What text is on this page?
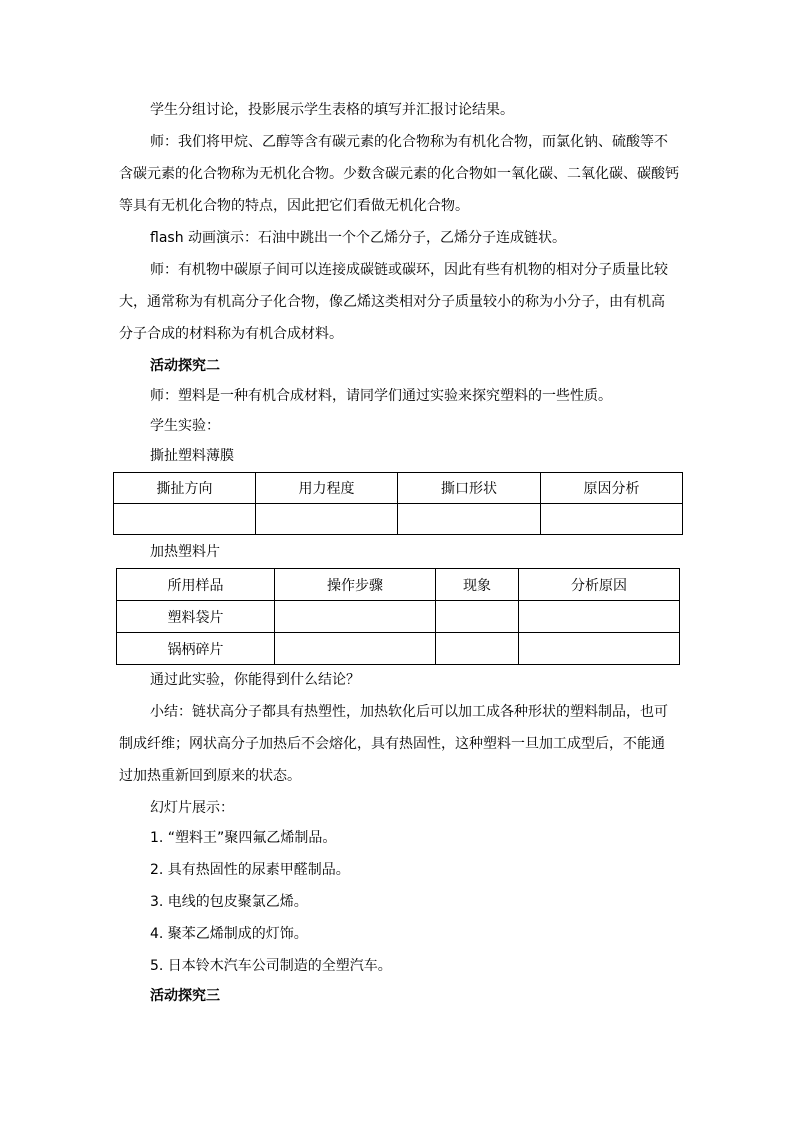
学生分组讨论，投影展示学生表格的填写并汇报讨论结果。
师：我们将甲烷、乙醇等含有碳元素的化合物称为有机化合物，而氯化钠、硫酸等不
含碳元素的化合物称为无机化合物。少数含碳元素的化合物如一氧化碳、二氧化碳、碳酸钙
等具有无机化合物的特点，因此把它们看做无机化合物。
flash 动画演示：石油中跳出一个个乙烯分子，乙烯分子连成链状。
师：有机物中碳原子间可以连接成碳链或碳环，因此有些有机物的相对分子质量比较
大，通常称为有机高分子化合物，像乙烯这类相对分子质量较小的称为小分子，由有机高
分子合成的材料称为有机合成材料。
活动探究二
师：塑料是一种有机合成材料，请同学们通过实验来探究塑料的一些性质。
学生实验：
撕扯塑料薄膜
撕扯方向	用力程度	撕口形状	原因分析

加热塑料片
所用样品	操作步骤	现象	分析原因
塑料袋片			
锅柄碎片			
通过此实验，你能得到什么结论？
小结：链状高分子都具有热塑性，加热软化后可以加工成各种形状的塑料制品，也可
制成纤维；网状高分子加热后不会熔化，具有热固性，这种塑料一旦加工成型后，不能通
过加热重新回到原来的状态。
幻灯片展示：
1. “塑料王”聚四氟乙烯制品。
2. 具有热固性的尿素甲醛制品。
3. 电线的包皮聚氯乙烯。
4. 聚苯乙烯制成的灯饰。
5. 日本铃木汽车公司制造的全塑汽车。
活动探究三
